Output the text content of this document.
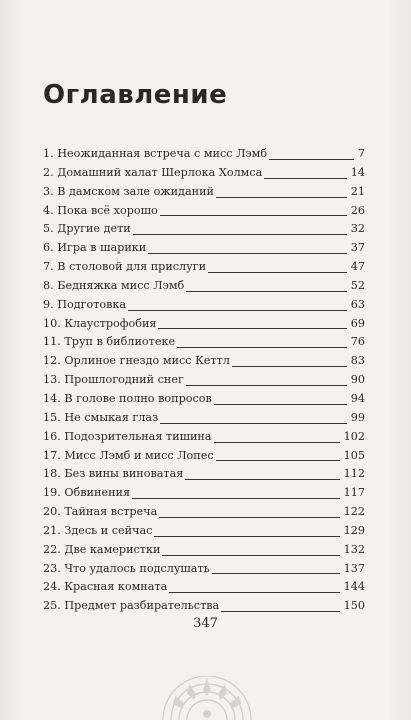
Оглавление
1. Неожиданная встреча с мисс Лэмб	7
2. Домашний халат Шерлока Холмса	14
3. В дамском зале ожиданий	21
4. Пока всё хорошо	26
5. Другие дети	32
6. Игра в шарики	37
7. В столовой для прислуги	47
8. Бедняжка мисс Лэмб	52
9. Подготовка	63
10. Клаустрофобия	69
11. Труп в библиотеке	76
12. Орлиное гнездо мисс Кеттл	83
13. Прошлогодний снег	90
14. В голове полно вопросов	94
15. Не смыкая глаз	99
16. Подозрительная тишина	102
17. Мисс Лэмб и мисс Лопес	105
18. Без вины виноватая	112
19. Обвинения	117
20. Тайная встреча	122
21. Здесь и сейчас	129
22. Две камеристки	132
23. Что удалось подслушать	137
24. Красная комната	144
25. Предмет разбирательства	150
347
